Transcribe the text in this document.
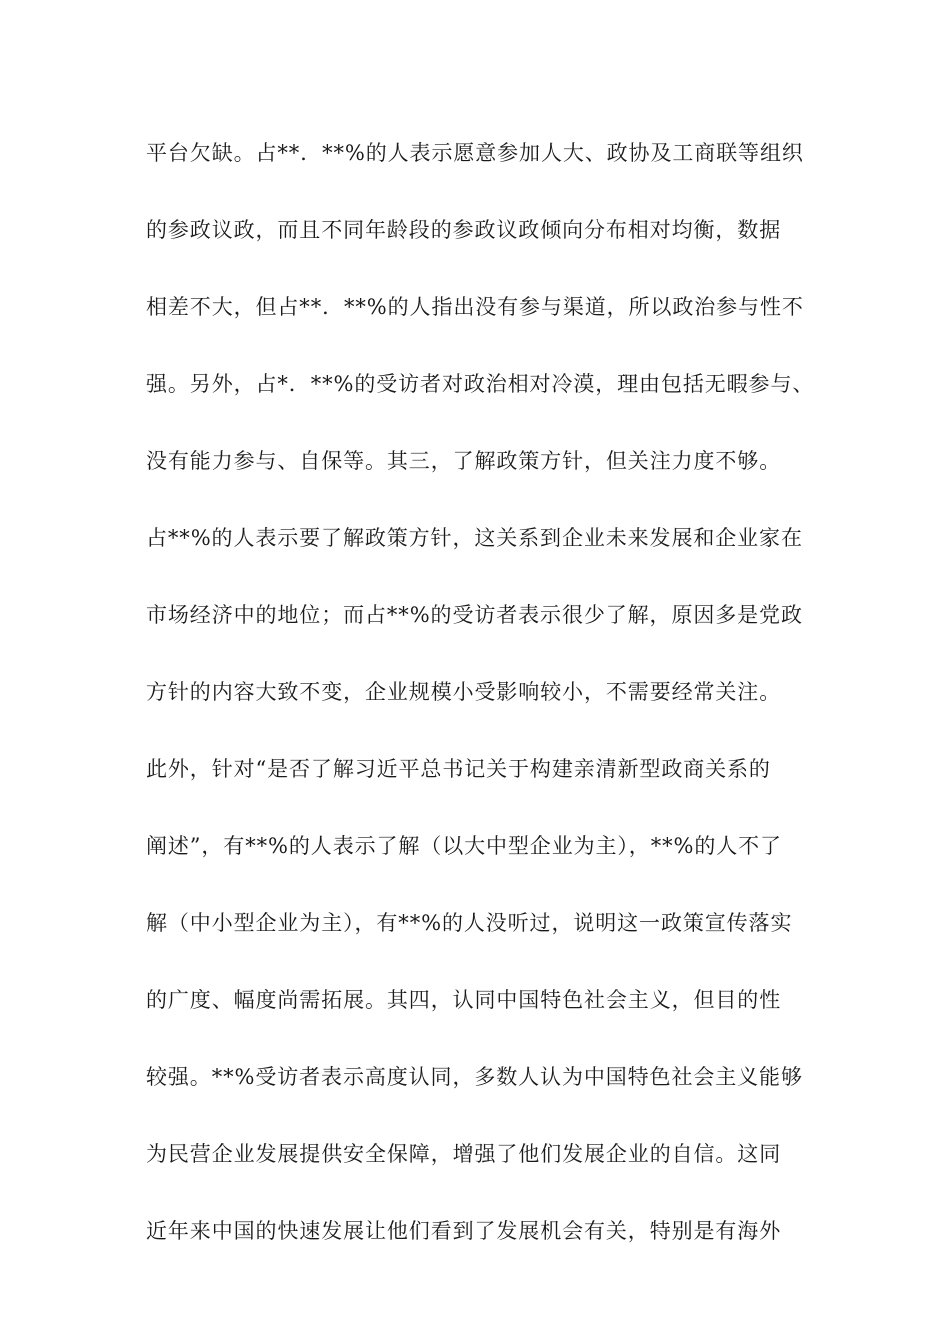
平台欠缺。占**．**%的人表示愿意参加人大、政协及工商联等组织
的参政议政，而且不同年龄段的参政议政倾向分布相对均衡，数据
相差不大，但占**．**%的人指出没有参与渠道，所以政治参与性不
强。另外，占*．**%的受访者对政治相对冷漠，理由包括无暇参与、
没有能力参与、自保等。其三，了解政策方针，但关注力度不够。
占**%的人表示要了解政策方针，这关系到企业未来发展和企业家在
市场经济中的地位；而占**%的受访者表示很少了解，原因多是党政
方针的内容大致不变，企业规模小受影响较小，不需要经常关注。
此外，针对“是否了解习近平总书记关于构建亲清新型政商关系的
阐述”，有**%的人表示了解（以大中型企业为主），**%的人不了
解（中小型企业为主），有**%的人没听过，说明这一政策宣传落实
的广度、幅度尚需拓展。其四，认同中国特色社会主义，但目的性
较强。**%受访者表示高度认同，多数人认为中国特色社会主义能够
为民营企业发展提供安全保障，增强了他们发展企业的自信。这同
近年来中国的快速发展让他们看到了发展机会有关，特别是有海外
